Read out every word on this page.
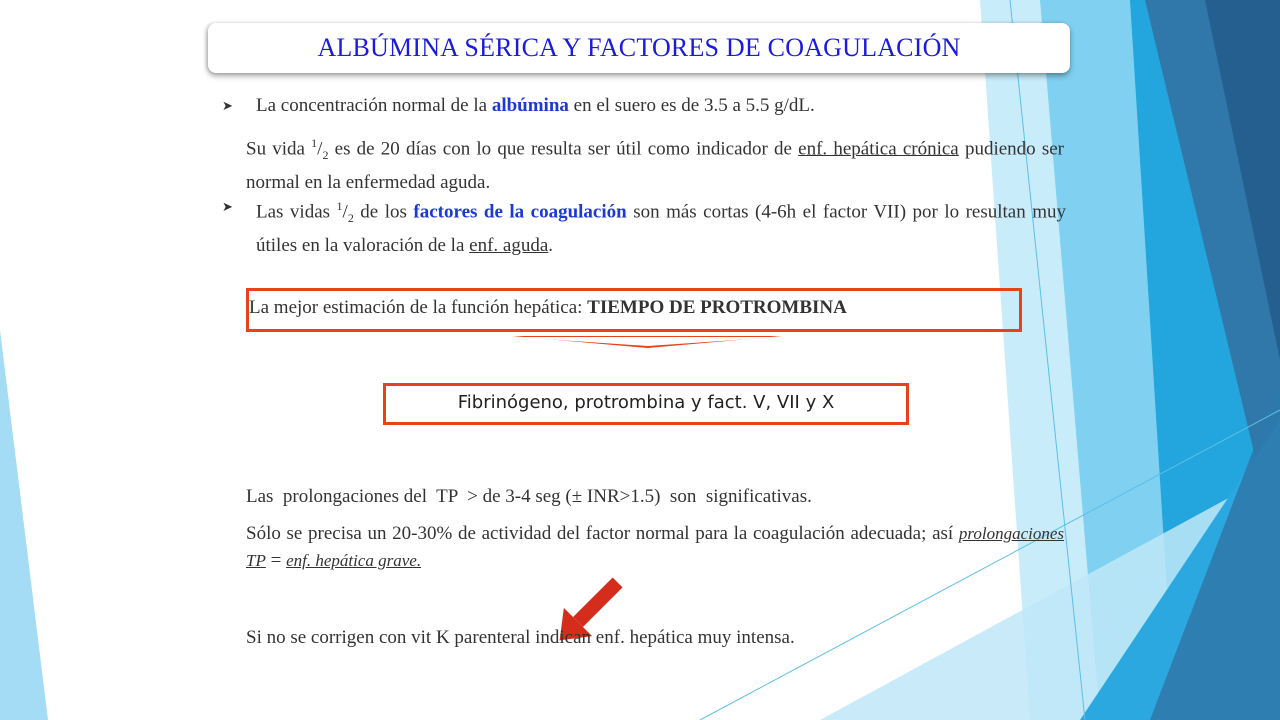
ALBÚMINA SÉRICA Y FACTORES DE COAGULACIÓN
➤ La concentración normal de la albúmina en el suero es de 3.5 a 5.5 g/dL.
Su vida $^1/_2$ es de 20 días con lo que resulta ser útil como indicador de enf. hepática crónica pudiendo ser normal en la enfermedad aguda.
➤ Las vidas $^1/_2$ de los factores de la coagulación son más cortas (4-6h el factor VII) por lo resultan muy útiles en la valoración de la enf. aguda.
La mejor estimación de la función hepática: TIEMPO DE PROTROMBINA
Fibrinógeno, protrombina y fact. V, VII y X
Las  prolongaciones del  TP  > de 3-4 seg (± INR>1.5)  son  significativas.
Sólo se precisa un 20-30% de actividad del factor normal para la coagulación adecuada; así prolongaciones TP = enf. hepática grave.
Si no se corrigen con vit K parenteral indican enf. hepática muy intensa.
